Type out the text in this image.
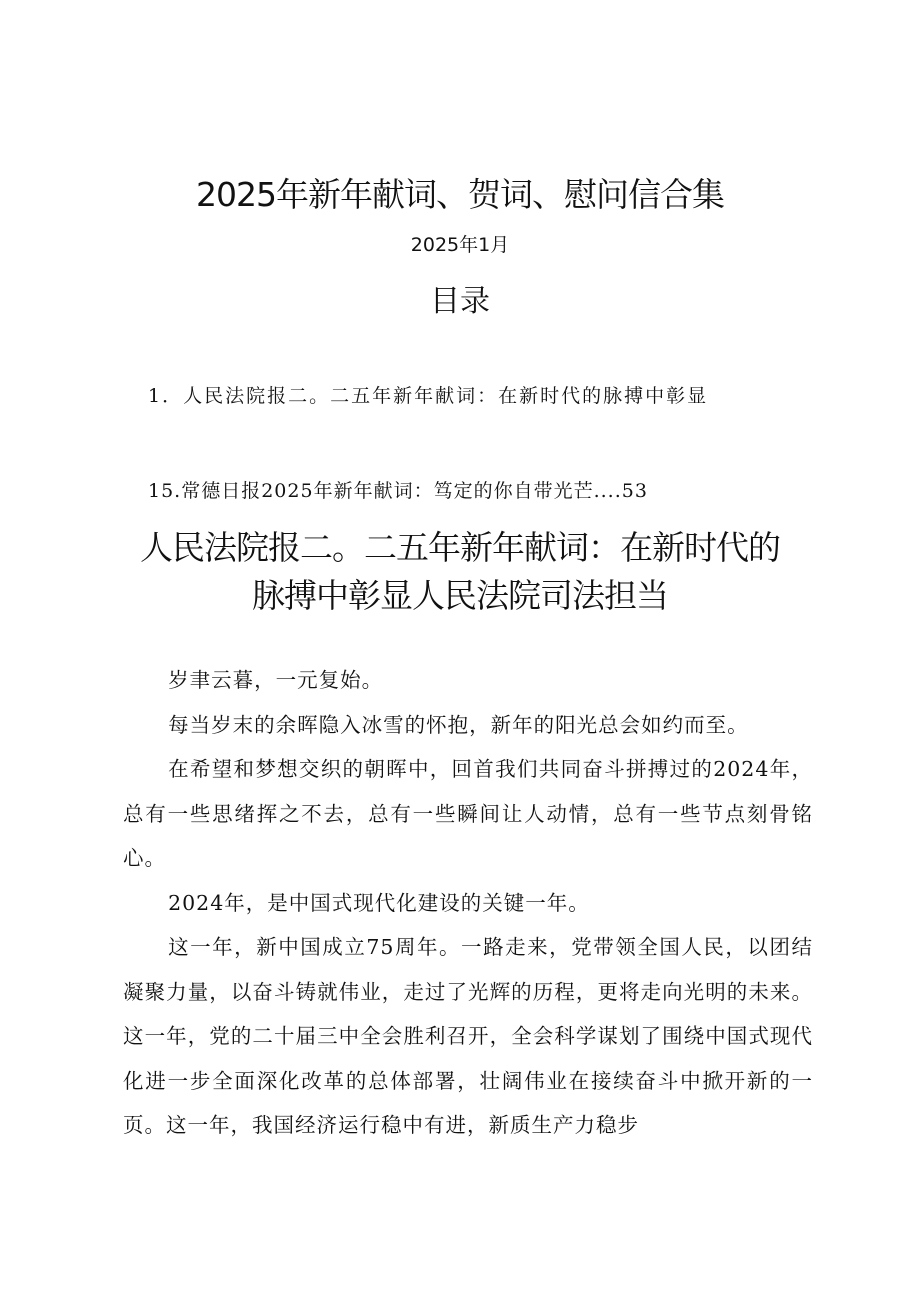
2025年新年献词、贺词、慰问信合集
2025年1月
目录
1．人民法院报二。二五年新年献词：在新时代的脉搏中彰显
15.常德日报2025年新年献词：笃定的你自带光芒....53
人民法院报二。二五年新年献词：在新时代的
脉搏中彰显人民法院司法担当

岁聿云暮，一元复始。

每当岁末的余晖隐入冰雪的怀抱，新年的阳光总会如约而至。

在希望和梦想交织的朝晖中，回首我们共同奋斗拼搏过的2024年，总有一些思绪挥之不去，总有一些瞬间让人动情，总有一些节点刻骨铭心。

2024年，是中国式现代化建设的关键一年。

这一年，新中国成立75周年。一路走来，党带领全国人民，以团结凝聚力量，以奋斗铸就伟业，走过了光辉的历程，更将走向光明的未来。这一年，党的二十届三中全会胜利召开，全会科学谋划了围绕中国式现代化进一步全面深化改革的总体部署，壮阔伟业在接续奋斗中掀开新的一页。这一年，我国经济运行稳中有进，新质生产力稳步
